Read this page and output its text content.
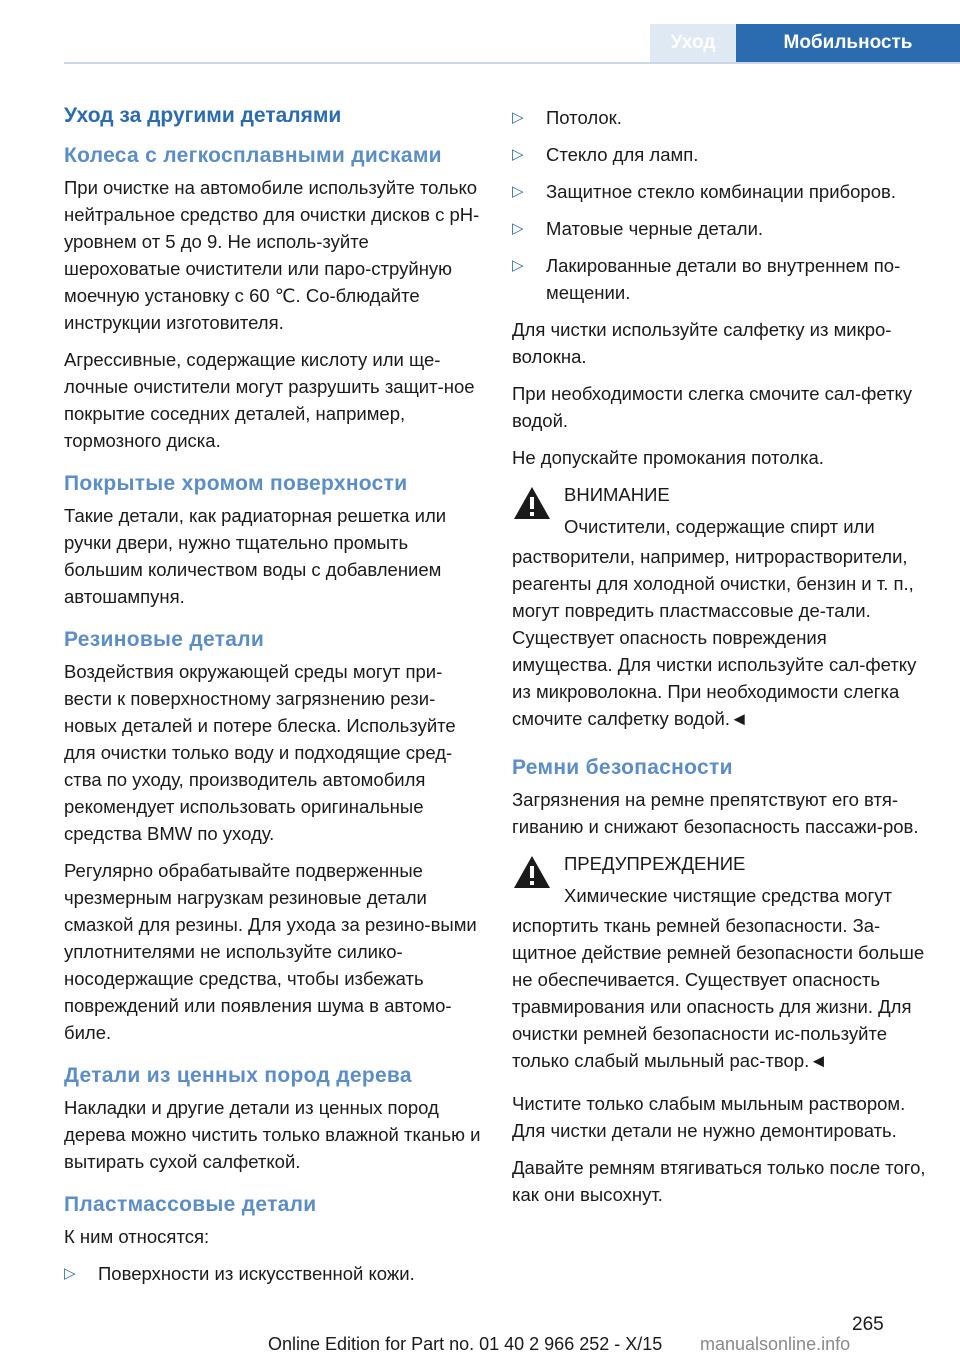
Уход	Мобильность
Уход за другими деталями
Колеса с легкосплавными дисками

При очистке на автомобиле используйте только нейтральное средство для очистки дисков с pH-уровнем от 5 до 9. Не исполь-зуйте шероховатые очистители или паро-струйную моечную установку с 60 ℃. Со-блюдайте инструкции изготовителя.

Агрессивные, содержащие кислоту или ще-лочные очистители могут разрушить защит-ное покрытие соседних деталей, например, тормозного диска.

Покрытые хромом поверхности

Такие детали, как радиаторная решетка или ручки двери, нужно тщательно промыть большим количеством воды с добавлением автошампуня.

Резиновые детали

Воздействия окружающей среды могут при-вести к поверхностному загрязнению рези-новых деталей и потере блеска. Используйте для очистки только воду и подходящие сред-ства по уходу, производитель автомобиля рекомендует использовать оригинальные средства BMW по уходу.

Регулярно обрабатывайте подверженные чрезмерным нагрузкам резиновые детали смазкой для резины. Для ухода за резино-выми уплотнителями не используйте силико-носодержащие средства, чтобы избежать повреждений или появления шума в автомо-биле.

Детали из ценных пород дерева

Накладки и другие детали из ценных пород дерева можно чистить только влажной тканью и вытирать сухой салфеткой.

Пластмассовые детали

К ним относятся:

▷ Поверхности из искусственной кожи.
▷ Потолок.
▷ Стекло для ламп.
▷ Защитное стекло комбинации приборов.
▷ Матовые черные детали.
▷ Лакированные детали во внутреннем по-мещении.

Для чистки используйте салфетку из микро-волокна.

При необходимости слегка смочите сал-фетку водой.

Не допускайте промокания потолка.

ВНИМАНИЕ
Очистители, содержащие спирт или

растворители, например, нитрорастворители, реагенты для холодной очистки, бензин и т. п., могут повредить пластмассовые де-тали. Существует опасность повреждения имущества. Для чистки используйте сал-фетку из микроволокна. При необходимости слегка смочите салфетку водой.◄

Ремни безопасности

Загрязнения на ремне препятствуют его втя-гиванию и снижают безопасность пассажи-ров.

ПРЕДУПРЕЖДЕНИЕ
Химические чистящие средства могут

испортить ткань ремней безопасности. За-щитное действие ремней безопасности больше не обеспечивается. Существует опасность травмирования или опасность для жизни. Для очистки ремней безопасности ис-пользуйте только слабый мыльный рас-твор.◄

Чистите только слабым мыльным раствором. Для чистки детали не нужно демонтировать.

Давайте ремням втягиваться только после того, как они высохнут.

265
Online Edition for Part no. 01 40 2 966 252 - X/15 manualsonline.info
